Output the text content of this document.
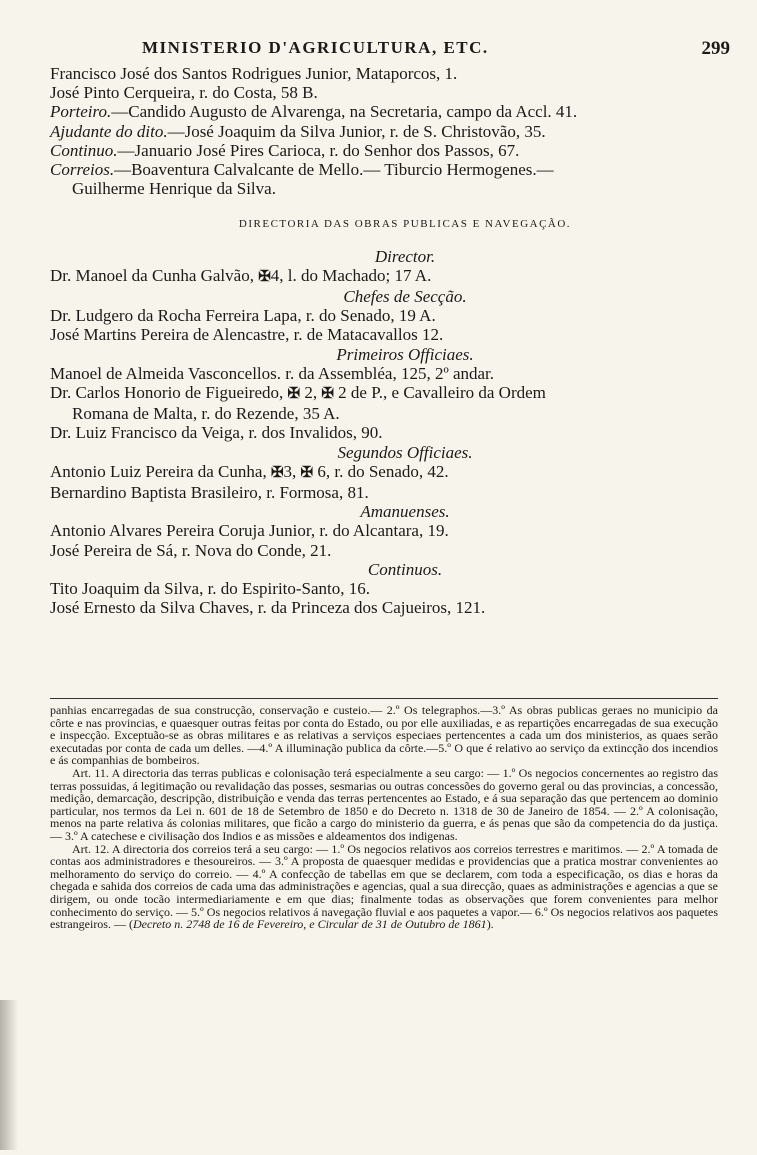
MINISTERIO D'AGRICULTURA, ETC.	299
Francisco José dos Santos Rodrigues Junior, Mataporcos, 1.
José Pinto Cerqueira, r. do Costa, 58 B.
Porteiro.—Candido Augusto de Alvarenga, na Secretaria, campo da Accl. 41.
Ajudante do dito.—José Joaquim da Silva Junior, r. de S. Christovão, 35.
Continuo.—Januario José Pires Carioca, r. do Senhor dos Passos, 67.
Correios.—Boaventura Calvalcante de Mello.— Tiburcio Hermogenes.—
Guilherme Henrique da Silva.
DIRECTORIA DAS OBRAS PUBLICAS E NAVEGAÇÃO.
Director.
Dr. Manoel da Cunha Galvão, ✠4, l. do Machado; 17 A.
Chefes de Secção.
Dr. Ludgero da Rocha Ferreira Lapa, r. do Senado, 19 A.
José Martins Pereira de Alencastre, r. de Matacavallos 12.
Primeiros Officiaes.
Manoel de Almeida Vasconcellos. r. da Assembléa, 125, 2º andar.
Dr. Carlos Honorio de Figueiredo, ✠ 2, ✠ 2 de P., e Cavalleiro da Ordem
Romana de Malta, r. do Rezende, 35 A.
Dr. Luiz Francisco da Veiga, r. dos Invalidos, 90.
Segundos Officiaes.
Antonio Luiz Pereira da Cunha, ✠3, ✠ 6, r. do Senado, 42.
Bernardino Baptista Brasileiro, r. Formosa, 81.
Amanuenses.
Antonio Alvares Pereira Coruja Junior, r. do Alcantara, 19.
José Pereira de Sá, r. Nova do Conde, 21.
Continuos.
Tito Joaquim da Silva, r. do Espirito-Santo, 16.
José Ernesto da Silva Chaves, r. da Princeza dos Cajueiros, 121.

panhias encarregadas de sua construcção, conservação e custeio.— 2.º Os telegraphos.—3.º As obras publicas geraes no municipio da côrte e nas provincias, e quaesquer outras feitas por conta do Estado, ou por elle auxiliadas, e as repartições encarregadas de sua execução e inspecção. Exceptuão-se as obras militares e as relativas a serviços especiaes pertencentes a cada um dos ministerios, as quaes serão executadas por conta de cada um delles. —4.º A illuminação publica da côrte.—5.º O que é relativo ao serviço da extincção dos incendios e ás companhias de bombeiros.

Art. 11. A directoria das terras publicas e colonisação terá especialmente a seu cargo: — 1.º Os negocios concernentes ao registro das terras possuidas, á legitimação ou revalidação das posses, sesmarias ou outras concessões do governo geral ou das provincias, a concessão, medição, demarcação, descripção, distribuição e venda das terras pertencentes ao Estado, e á sua separação das que pertencem ao dominio particular, nos termos da Lei n. 601 de 18 de Setembro de 1850 e do Decreto n. 1318 de 30 de Janeiro de 1854. — 2.º A colonisação, menos na parte relativa ás colonias militares, que ficão a cargo do ministerio da guerra, e ás penas que são da competencia do da justiça. — 3.º A catechese e civilisação dos Indios e as missões e aldeamentos dos indigenas.

Art. 12. A directoria dos correios terá a seu cargo: — 1.º Os negocios relativos aos correios terrestres e maritimos. — 2.º A tomada de contas aos administradores e thesoureiros. — 3.º A proposta de quaesquer medidas e providencias que a pratica mostrar convenientes ao melhoramento do serviço do correio. — 4.º A confecção de tabellas em que se declarem, com toda a especificação, os dias e horas da chegada e sahida dos correios de cada uma das administrações e agencias, qual a sua direcção, quaes as administrações e agencias a que se dirigem, ou onde tocão intermediariamente e em que dias; finalmente todas as observações que forem convenientes para melhor conhecimento do serviço. — 5.º Os negocios relativos á navegação fluvial e aos paquetes a vapor.— 6.º Os negocios relativos aos paquetes estrangeiros. — (Decreto n. 2748 de 16 de Fevereiro, e Circular de 31 de Outubro de 1861).
